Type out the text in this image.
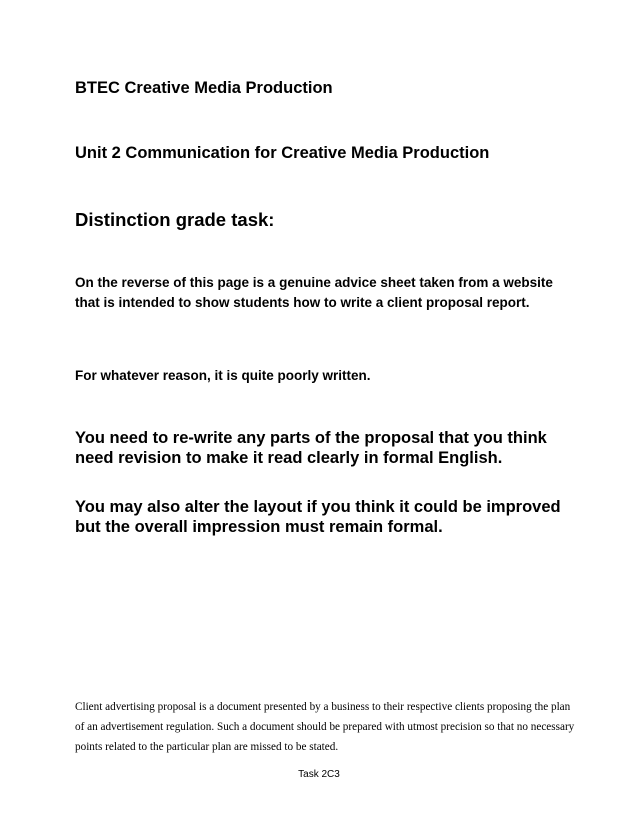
BTEC Creative Media Production
Unit 2 Communication for Creative Media Production
Distinction grade task:

On the reverse of this page is a genuine advice sheet taken from a website that is intended to show students how to write a client proposal report.

For whatever reason, it is quite poorly written.

You need to re-write any parts of the proposal that you think need revision to make it read clearly in formal English.

You may also alter the layout if you think it could be improved but the overall impression must remain formal.

Client advertising proposal is a document presented by a business to their respective clients proposing the plan of an advertisement regulation. Such a document should be prepared with utmost precision so that no necessary points related to the particular plan are missed to be stated.

Task 2C3
